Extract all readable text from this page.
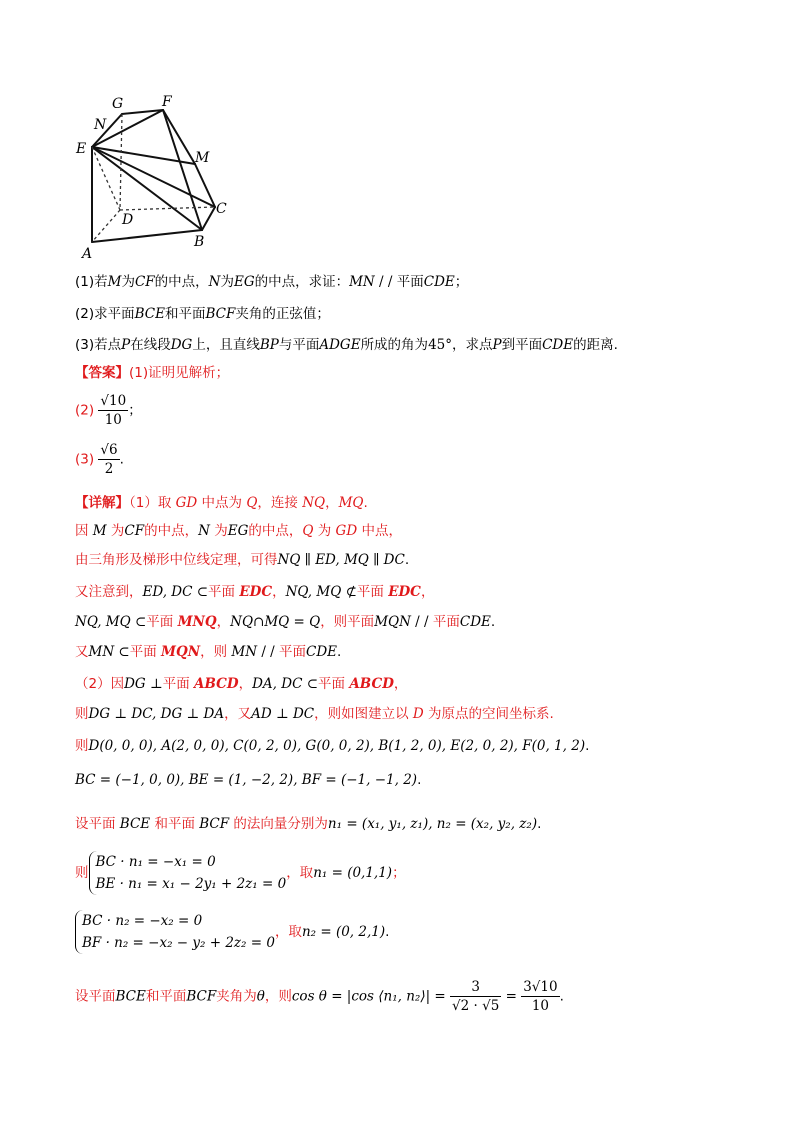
G	F
N
E
M
D
C
B
A
(1)若M为CF的中点，N为EG的中点，求证：MN / / 平面CDE；
(2)求平面BCE和平面BCF夹角的正弦值；
(3)若点P在线段DG上，且直线BP与平面ADGE所成的角为45°，求点P到平面CDE的距离.
【答案】(1)证明见解析；
$(2) \frac{√10}{10}$ ；
$(3) \frac{√6}{2}$ .
【详解】（1）取 GD 中点为 Q，连接 NQ，MQ.
因 M 为CF的中点，N 为EG的中点，Q 为 GD 中点，
由三角形及梯形中位线定理，可得NQ ∥ ED, MQ ∥ DC.
又注意到，ED, DC ⊂平面 EDC，NQ, MQ ⊄平面 EDC，
NQ, MQ ⊂平面 MNQ，NQ∩MQ = Q，则平面MQN / / 平面CDE.
又MN ⊂平面 MQN，则 MN / / 平面CDE.
（2）因DG ⊥平面 ABCD，DA, DC ⊂平面 ABCD，
则DG ⊥ DC, DG ⊥ DA，又AD ⊥ DC，则如图建立以 D 为原点的空间坐标系.
则D(0, 0, 0), A(2, 0, 0), C(0, 2, 0), G(0, 0, 2), B(1, 2, 0), E(2, 0, 2), F(0, 1, 2).
BC = (−1, 0, 0), BE = (1, −2, 2), BF = (−1, −1, 2).
设平面 BCE 和平面 BCF 的法向量分别为n₁ = (x₁, y₁, z₁), n₂ = (x₂, y₂, z₂).
则
BC · n₁ = −x₁ = 0
BE · n₁ = x₁ − 2y₁ + 2z₁ = 0
，取n₁ = (0,1,1)；
BC · n₂ = −x₂ = 0
BF · n₂ = −x₂ − y₂ + 2z₂ = 0
，取n₂ = (0, 2,1).
设平面BCE和平面BCF夹角为θ，则cos θ = |cos ⟨n₁, n₂⟩| = $\frac{3}{√2 \cdot √5} = \frac{3√10}{10}$ .
